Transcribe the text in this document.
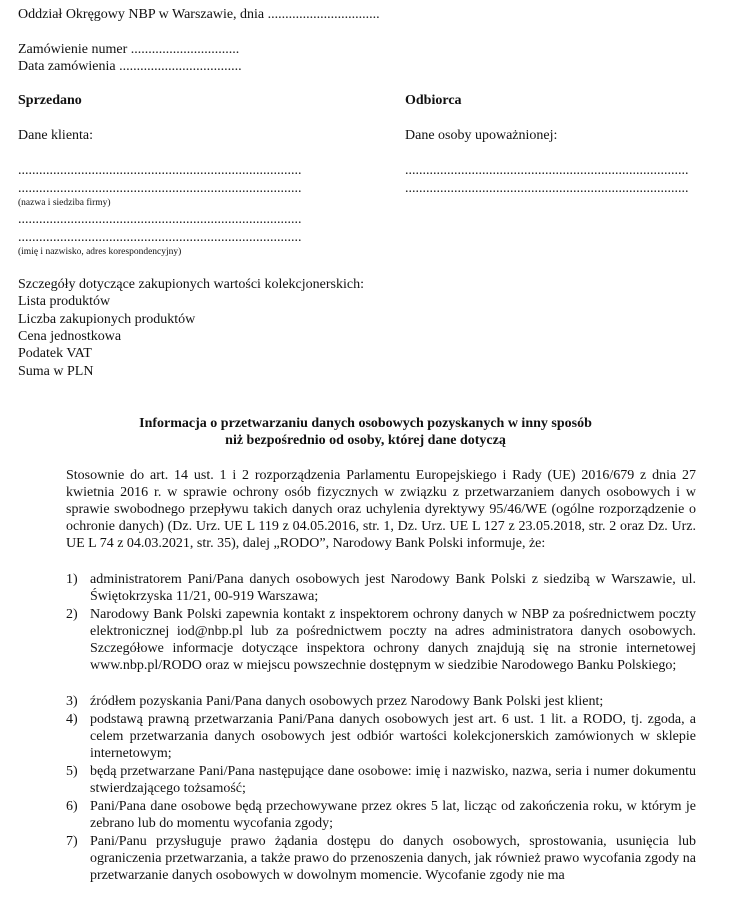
Oddział Okręgowy NBP w Warszawie, dnia ................................
Zamówienie numer ...............................
Data zamówienia ...................................
Sprzedano
Dane klienta:
.................................................................................
.................................................................................
(nazwa i siedziba firmy)
.................................................................................
.................................................................................
(imię i nazwisko, adres korespondencyjny)
Odbiorca
Dane osoby upoważnionej:
.................................................................................
.................................................................................
Szczegóły dotyczące zakupionych wartości kolekcjonerskich:
Lista produktów
Liczba zakupionych produktów
Cena jednostkowa
Podatek VAT
Suma w PLN
Informacja o przetwarzaniu danych osobowych pozyskanych w inny sposób
niż bezpośrednio od osoby, której dane dotyczą
Stosownie do art. 14 ust. 1 i 2 rozporządzenia Parlamentu Europejskiego i Rady (UE) 2016/679 z dnia 27 kwietnia 2016 r. w sprawie ochrony osób fizycznych w związku z przetwarzaniem danych osobowych i w sprawie swobodnego przepływu takich danych oraz uchylenia dyrektywy 95/46/WE (ogólne rozporządzenie o ochronie danych) (Dz. Urz. UE L 119 z 04.05.2016, str. 1, Dz. Urz. UE L 127 z 23.05.2018, str. 2 oraz Dz. Urz. UE L 74 z 04.03.2021, str. 35), dalej „RODO”, Narodowy Bank Polski informuje, że:
1) administratorem Pani/Pana danych osobowych jest Narodowy Bank Polski z siedzibą w Warszawie, ul. Świętokrzyska 11/21, 00-919 Warszawa;
2) Narodowy Bank Polski zapewnia kontakt z inspektorem ochrony danych w NBP za pośrednictwem poczty elektronicznej iod@nbp.pl lub za pośrednictwem poczty na adres administratora danych osobowych. Szczegółowe informacje dotyczące inspektora ochrony danych znajdują się na stronie internetowej www.nbp.pl/RODO oraz w miejscu powszechnie dostępnym w siedzibie Narodowego Banku Polskiego;
3) źródłem pozyskania Pani/Pana danych osobowych przez Narodowy Bank Polski jest klient;
4) podstawą prawną przetwarzania Pani/Pana danych osobowych jest art. 6 ust. 1 lit. a RODO, tj. zgoda, a celem przetwarzania danych osobowych jest odbiór wartości kolekcjonerskich zamówionych w sklepie internetowym;
5) będą przetwarzane Pani/Pana następujące dane osobowe: imię i nazwisko, nazwa, seria i numer dokumentu stwierdzającego tożsamość;
6) Pani/Pana dane osobowe będą przechowywane przez okres 5 lat, licząc od zakończenia roku, w którym je zebrano lub do momentu wycofania zgody;
7) Pani/Panu przysługuje prawo żądania dostępu do danych osobowych, sprostowania, usunięcia lub ograniczenia przetwarzania, a także prawo do przenoszenia danych, jak również prawo wycofania zgody na przetwarzanie danych osobowych w dowolnym momencie. Wycofanie zgody nie ma
